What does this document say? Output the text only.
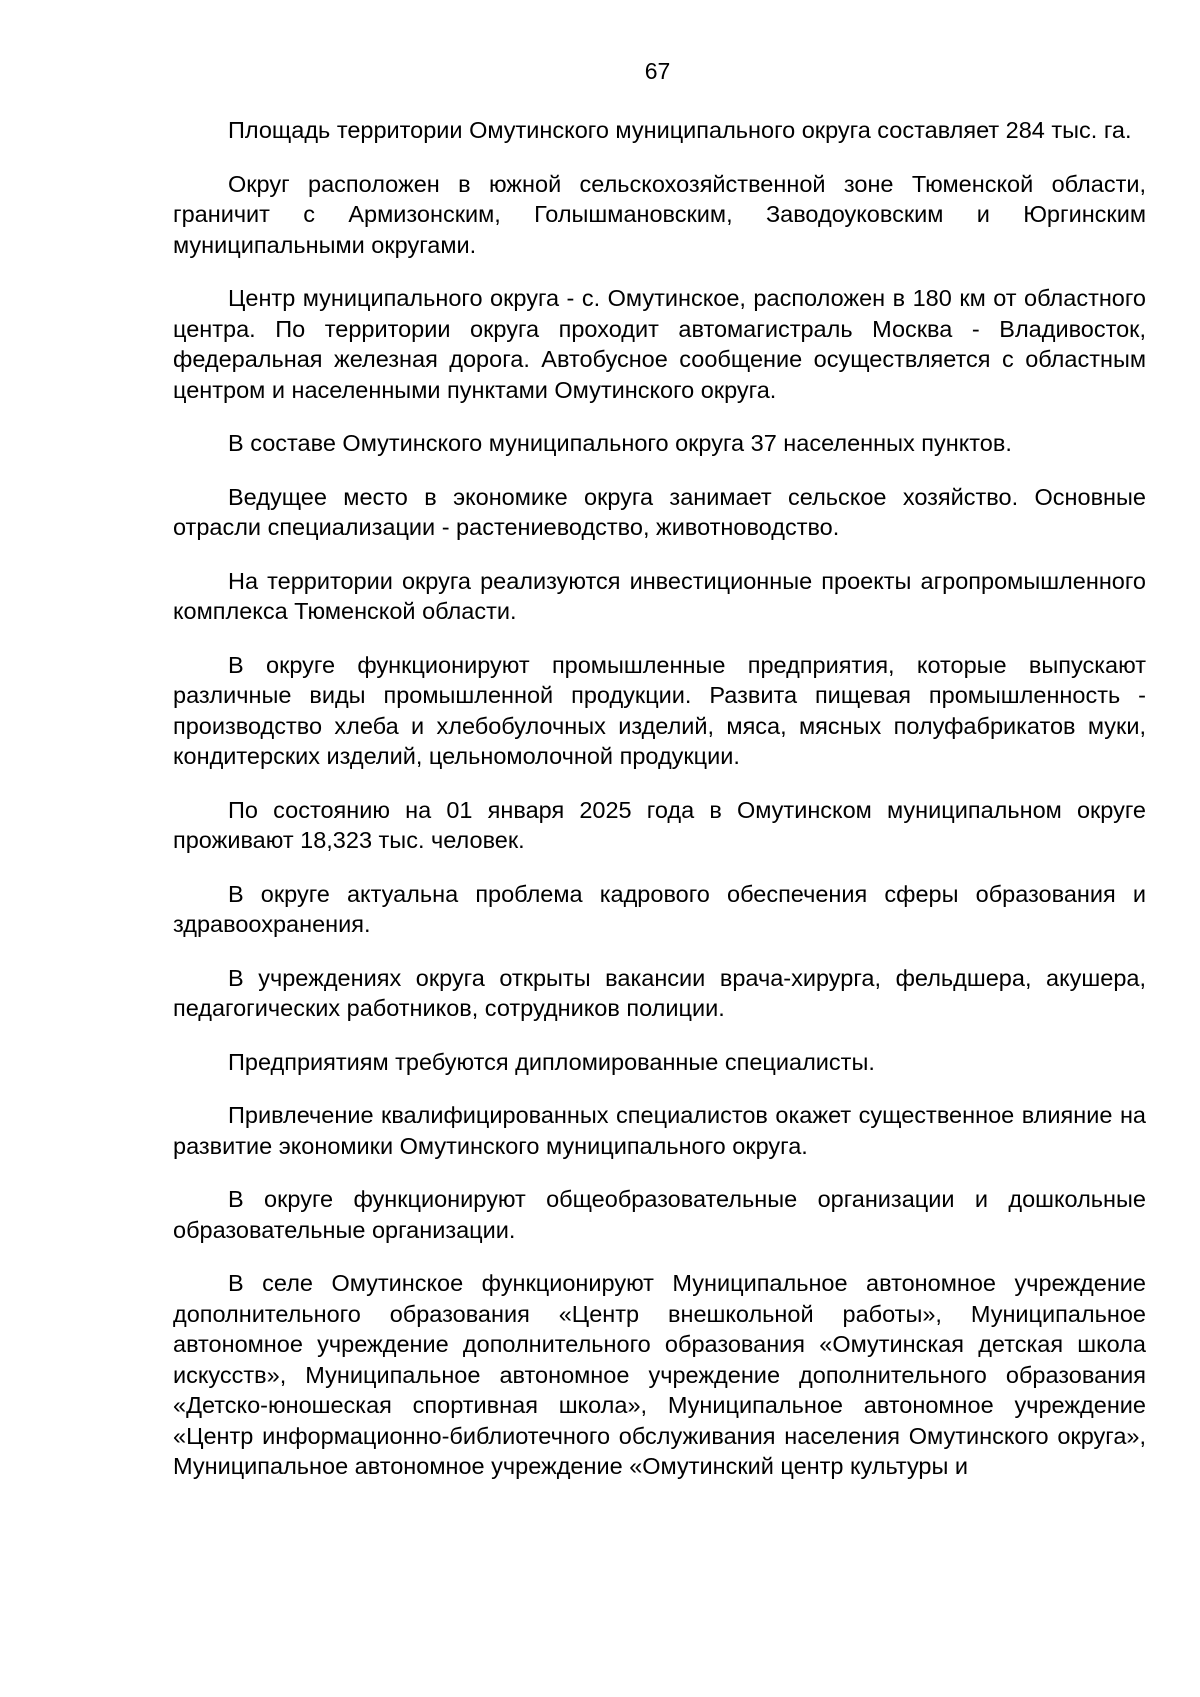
67

Площадь территории Омутинского муниципального округа составляет 284 тыс. га.

Округ расположен в южной сельскохозяйственной зоне Тюменской области, граничит с Армизонским, Голышмановским, Заводоуковским и Юргинским муниципальными округами.

Центр муниципального округа - с. Омутинское, расположен в 180 км от областного центра. По территории округа проходит автомагистраль Москва - Владивосток, федеральная железная дорога. Автобусное сообщение осуществляется с областным центром и населенными пунктами Омутинского округа.

В составе Омутинского муниципального округа 37 населенных пунктов.

Ведущее место в экономике округа занимает сельское хозяйство. Основные отрасли специализации - растениеводство, животноводство.

На территории округа реализуются инвестиционные проекты агропромышленного комплекса Тюменской области.

В округе функционируют промышленные предприятия, которые выпускают различные виды промышленной продукции. Развита пищевая промышленность - производство хлеба и хлебобулочных изделий, мяса, мясных полуфабрикатов муки, кондитерских изделий, цельномолочной продукции.

По состоянию на 01 января 2025 года в Омутинском муниципальном округе проживают 18,323 тыс. человек.

В округе актуальна проблема кадрового обеспечения сферы образования и здравоохранения.

В учреждениях округа открыты вакансии врача-хирурга, фельдшера, акушера, педагогических работников, сотрудников полиции.

Предприятиям требуются дипломированные специалисты.

Привлечение квалифицированных специалистов окажет существенное влияние на развитие экономики Омутинского муниципального округа.

В округе функционируют общеобразовательные организации и дошкольные образовательные организации.

В селе Омутинское функционируют Муниципальное автономное учреждение дополнительного образования «Центр внешкольной работы», Муниципальное автономное учреждение дополнительного образования «Омутинская детская школа искусств», Муниципальное автономное учреждение дополнительного образования «Детско-юношеская спортивная школа», Муниципальное автономное учреждение «Центр информационно-библиотечного обслуживания населения Омутинского округа», Муниципальное автономное учреждение «Омутинский центр культуры и
